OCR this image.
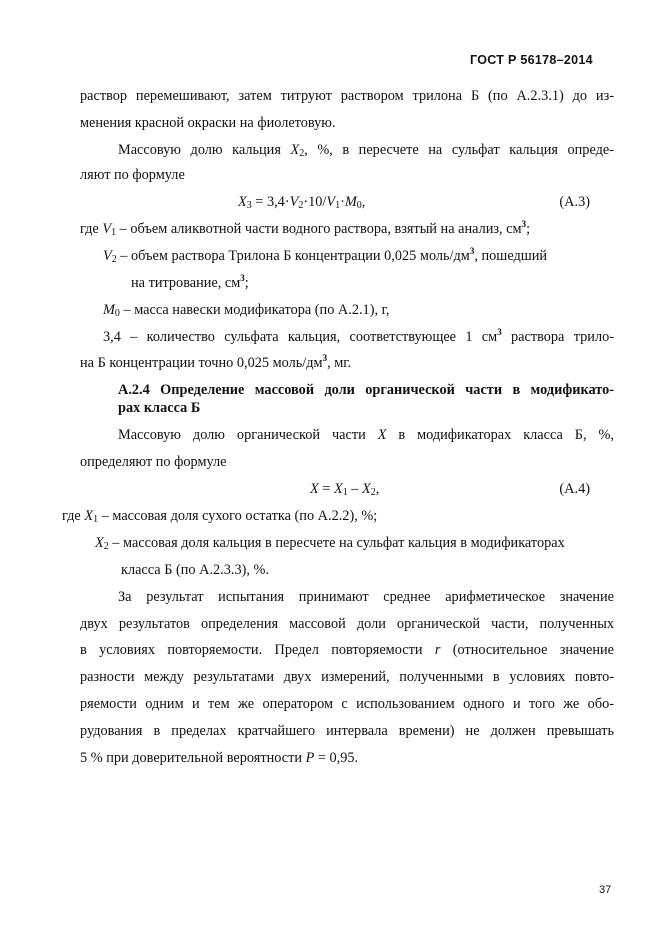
ГОСТ Р 56178–2014

раствор перемешивают, затем титруют раствором трилона Б (по А.2.3.1) до из-

менения красной окраски на фиолетовую.

Массовую долю кальция $X_2$, %, в пересчете на сульфат кальция опреде-

ляют по формуле

$X_3 = 3,4\cdot V_2\cdot 10/V_1\cdot M_0$,	(А.3)

где $V_1$ – объем аликвотной части водного раствора, взятый на анализ, $см^3$;

$V_2$ – объем раствора Трилона Б концентрации 0,025 моль/$дм^3$, пошедший

на титрование, $см^3$;

$M_0$ – масса навески модификатора (по А.2.1), г,

3,4 – количество сульфата кальция, соответствующее 1 $см^3$ раствора трило-

на Б концентрации точно 0,025 моль/$дм^3$, мг.

А.2.4 Определение массовой доли органической части в модификато-

рах класса Б

Массовую долю органической части X в модификаторах класса Б, %,

определяют по формуле

$X = X_1 - X_2$,	(А.4)

где $X_1$ – массовая доля сухого остатка (по А.2.2), %;

$X_2$ – массовая доля кальция в пересчете на сульфат кальция в модификаторах

класса Б (по А.2.3.3), %.

За результат испытания принимают среднее арифметическое значение

двух результатов определения массовой доли органической части, полученных

в условиях повторяемости. Предел повторяемости r (относительное значение

разности между результатами двух измерений, полученными в условиях повто-

ряемости одним и тем же оператором с использованием одного и того же обо-

рудования в пределах кратчайшего интервала времени) не должен превышать

5 % при доверительной вероятности P = 0,95.

37
